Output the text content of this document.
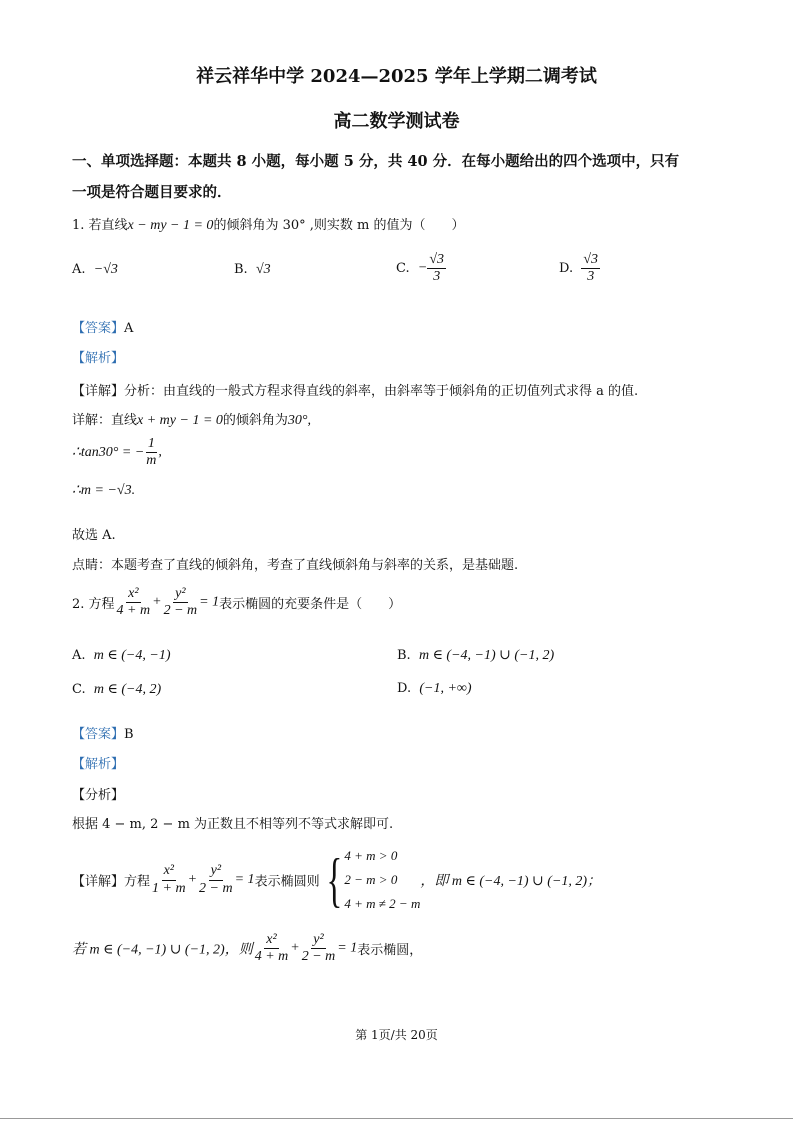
祥云祥华中学 2024—2025 学年上学期二调考试
高二数学测试卷
一、单项选择题：本题共 8 小题，每小题 5 分，共 40 分．在每小题给出的四个选项中，只有
一项是符合题目要求的．
1. 若直线x − my − 1 = 0的倾斜角为 30° ,则实数 m 的值为（　　）
A. −√3	B. √3	C. − $\frac{√3}{3}$	D. $\frac{√3}{3}$
【答案】A
【解析】
【详解】分析：由直线的一般式方程求得直线的斜率，由斜率等于倾斜角的正切值列式求得 a 的值.
详解：直线x + my − 1 = 0的倾斜角为30°,
∴tan30° = − $\frac{1}{m}$ ,
∴m = −√3.
故选 A.
点睛：本题考查了直线的倾斜角，考查了直线倾斜角与斜率的关系，是基础题.
2. 方程 $\frac{\text{x²}}{4 + m} + \frac{\text{y²}}{2 - m} = 1$表示椭圆的充要条件是（　　）
A. m ∈ (−4, −1)	B. m ∈ (−4, −1) ∪ (−1, 2)
C. m ∈ (−4, 2)	D. (−1, +∞)
【答案】B
【解析】
【分析】
根据 4 − m, 2 − m 为正数且不相等列不等式求解即可.
【详解】方程 $\frac{\text{x²}}{1 + m} + \frac{\text{y²}}{2 - m} = 1$表示椭圆则 { 4 + m > 0
2 − m > 0
4 + m ≠ 2 − m
，即 m ∈ (−4, −1) ∪ (−1, 2)；
若 m ∈ (−4, −1) ∪ (−1, 2)，则 $\frac{\text{x²}}{4 + m} + \frac{\text{y²}}{2 - m} = 1$表示椭圆，
第 1页/共 20页
